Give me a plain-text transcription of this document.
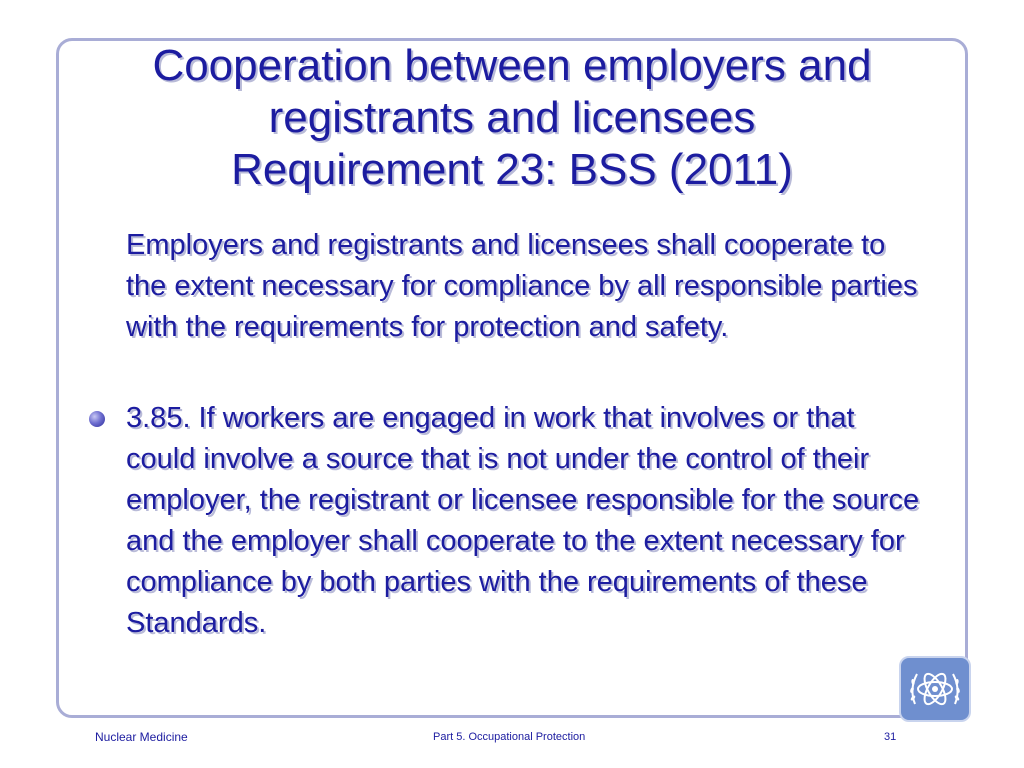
Cooperation between employers and
registrants and licensees
Requirement 23: BSS (2011)
Employers and registrants and licensees shall cooperate to the extent necessary for compliance by all responsible parties with the requirements for protection and safety.
3.85. If workers are engaged in work that involves or that could involve a source that is not under the control of their employer, the registrant or licensee responsible for the source and the employer shall cooperate to the extent necessary for compliance by both parties with the requirements of these Standards.
Nuclear Medicine	Part 5. Occupational Protection	31
